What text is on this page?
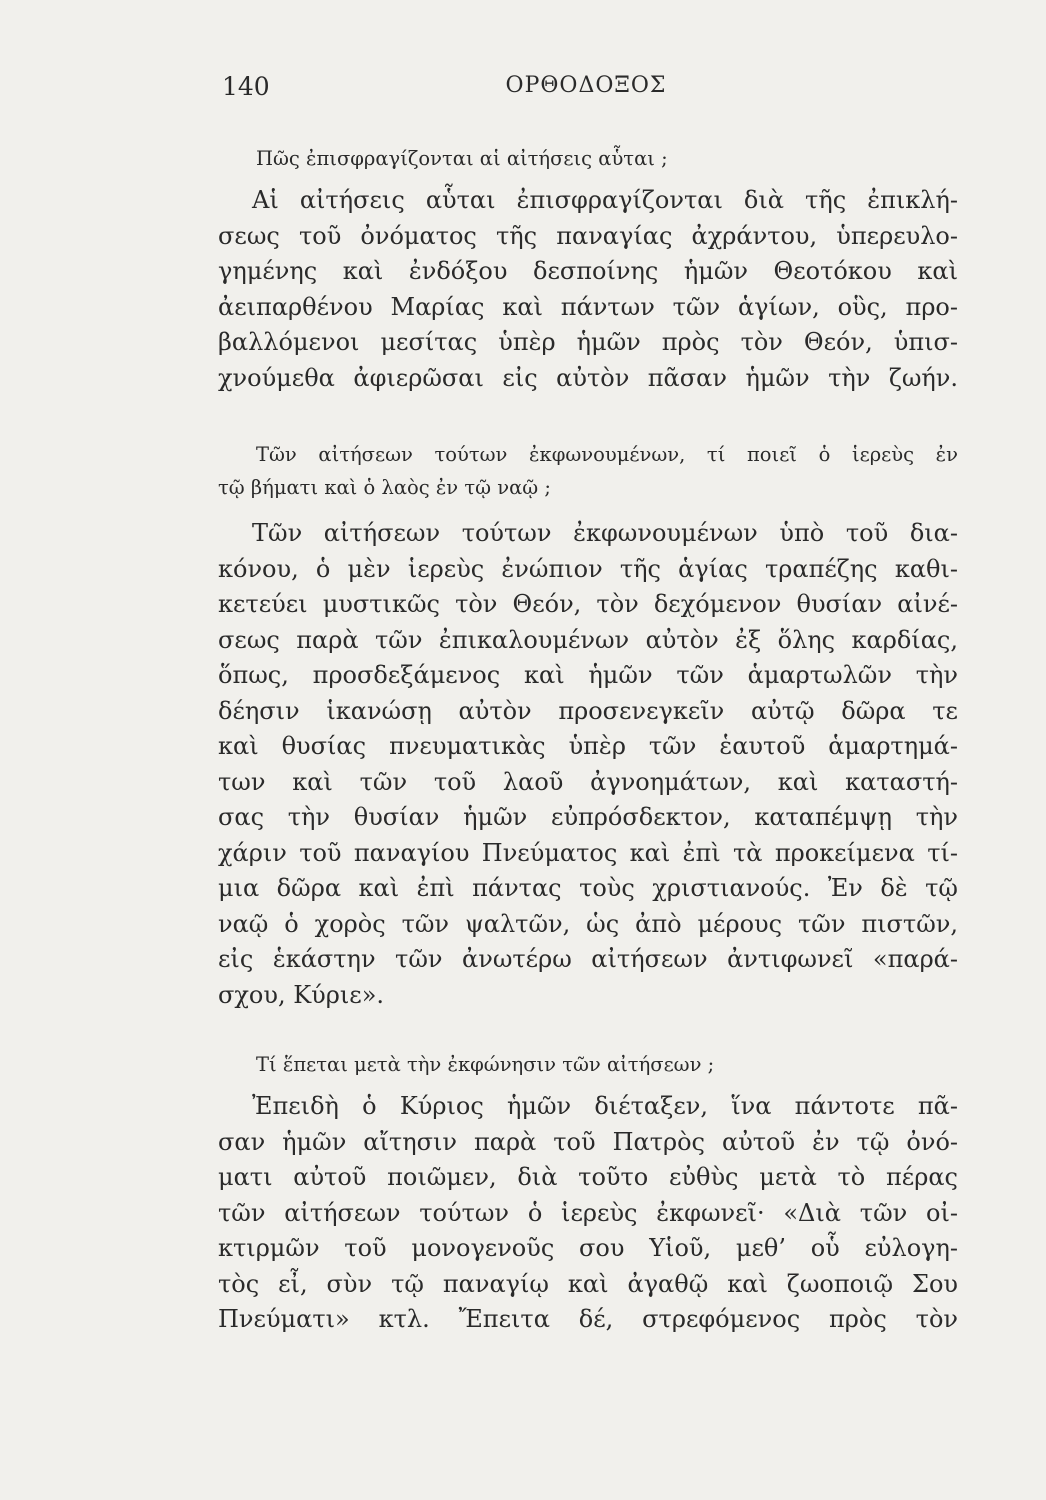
140	ΟΡΘΟΔΟΞΟΣ
Πῶς ἐπισφραγίζονται αἱ αἰτήσεις αὗται ;
Αἱ αἰτήσεις αὗται ἐπισφραγίζονται διὰ τῆς ἐπικλή-
σεως τοῦ ὀνόματος τῆς παναγίας ἀχράντου, ὑπερευλο-
γημένης καὶ ἐνδόξου δεσποίνης ἡμῶν Θεοτόκου καὶ
ἀειπαρθένου Μαρίας καὶ πάντων τῶν ἁγίων, οὓς, προ-
βαλλόμενοι μεσίτας ὑπὲρ ἡμῶν πρὸς τὸν Θεόν, ὑπισ-
χνούμεθα ἀφιερῶσαι εἰς αὐτὸν πᾶσαν ἡμῶν τὴν ζωήν.
Τῶν αἰτήσεων τούτων ἐκφωνουμένων, τί ποιεῖ ὁ ἱερεὺς ἐν
τῷ βήματι καὶ ὁ λαὸς ἐν τῷ ναῷ ;
Τῶν αἰτήσεων τούτων ἐκφωνουμένων ὑπὸ τοῦ δια-
κόνου, ὁ μὲν ἱερεὺς ἐνώπιον τῆς ἁγίας τραπέζης καθι-
κετεύει μυστικῶς τὸν Θεόν, τὸν δεχόμενον θυσίαν αἰνέ-
σεως παρὰ τῶν ἐπικαλουμένων αὐτὸν ἐξ ὅλης καρδίας,
ὅπως, προσδεξάμενος καὶ ἡμῶν τῶν ἁμαρτωλῶν τὴν
δέησιν ἱκανώσῃ αὐτὸν προσενεγκεῖν αὐτῷ δῶρα τε
καὶ θυσίας πνευματικὰς ὑπὲρ τῶν ἑαυτοῦ ἁμαρτημά-
των καὶ τῶν τοῦ λαοῦ ἀγνοημάτων, καὶ καταστή-
σας τὴν θυσίαν ἡμῶν εὐπρόσδεκτον, καταπέμψῃ τὴν
χάριν τοῦ παναγίου Πνεύματος καὶ ἐπὶ τὰ προκείμενα τί-
μια δῶρα καὶ ἐπὶ πάντας τοὺς χριστιανούς. Ἐν δὲ τῷ
ναῷ ὁ χορὸς τῶν ψαλτῶν, ὡς ἀπὸ μέρους τῶν πιστῶν,
εἰς ἑκάστην τῶν ἀνωτέρω αἰτήσεων ἀντιφωνεῖ «παρά-
σχου, Κύριε».
Τί ἕπεται μετὰ τὴν ἐκφώνησιν τῶν αἰτήσεων ;
Ἐπειδὴ ὁ Κύριος ἡμῶν διέταξεν, ἵνα πάντοτε πᾶ-
σαν ἡμῶν αἴτησιν παρὰ τοῦ Πατρὸς αὐτοῦ ἐν τῷ ὀνό-
ματι αὐτοῦ ποιῶμεν, διὰ τοῦτο εὐθὺς μετὰ τὸ πέρας
τῶν αἰτήσεων τούτων ὁ ἱερεὺς ἐκφωνεῖ· «Διὰ τῶν οἰ-
κτιρμῶν τοῦ μονογενοῦς σου Υἱοῦ, μεθ’ οὗ εὐλογη-
τὸς εἶ, σὺν τῷ παναγίῳ καὶ ἀγαθῷ καὶ ζωοποιῷ Σου
Πνεύματι» κτλ. Ἔπειτα δέ, στρεφόμενος πρὸς τὸν
